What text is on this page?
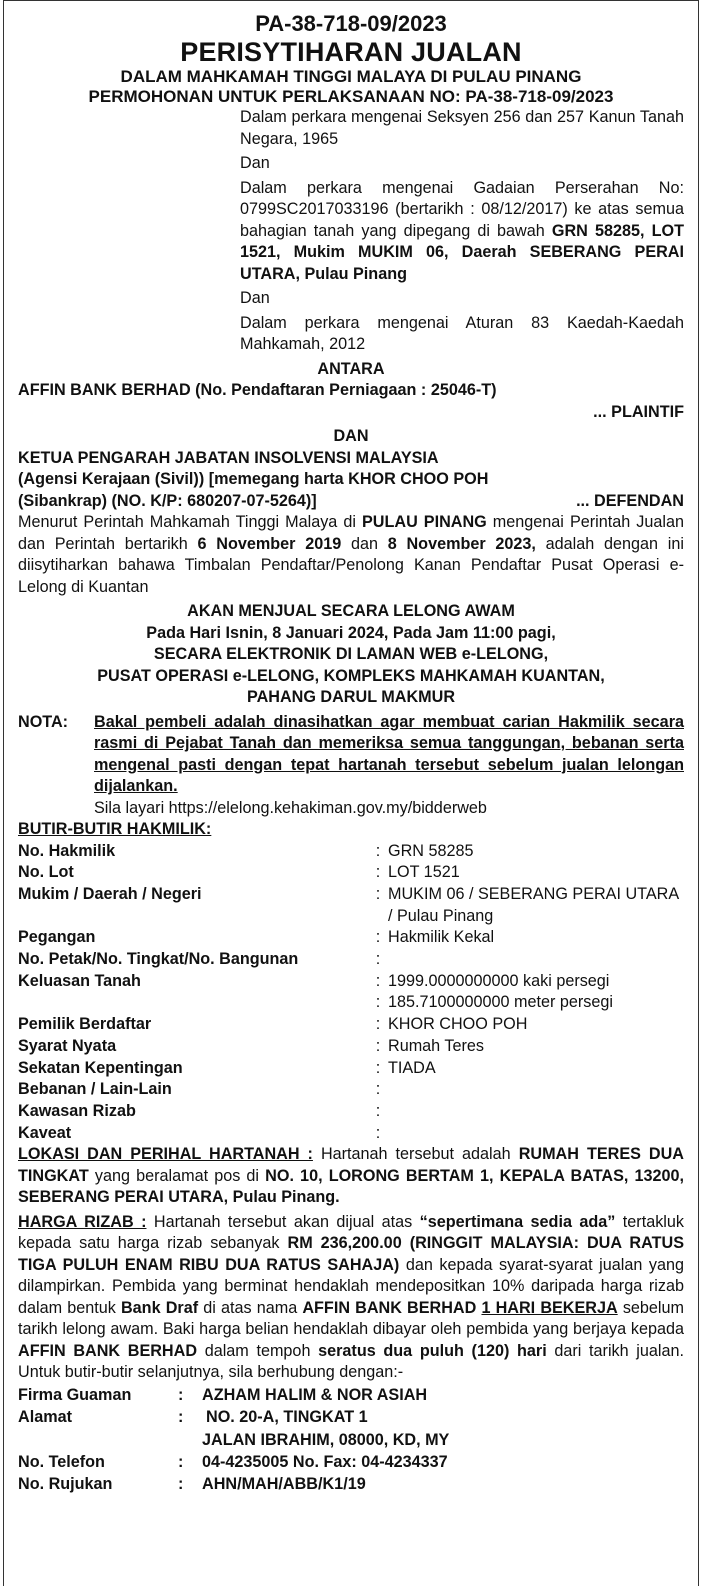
PA-38-718-09/2023
PERISYTIHARAN JUALAN
DALAM MAHKAMAH TINGGI MALAYA DI PULAU PINANG
PERMOHONAN UNTUK PERLAKSANAAN NO: PA-38-718-09/2023

Dalam perkara mengenai Seksyen 256 dan 257 Kanun Tanah Negara, 1965

Dan

Dalam perkara mengenai Gadaian Perserahan No: 0799SC2017033196 (bertarikh : 08/12/2017) ke atas semua bahagian tanah yang dipegang di bawah GRN 58285, LOT 1521, Mukim MUKIM 06, Daerah SEBERANG PERAI UTARA, Pulau Pinang

Dan

Dalam perkara mengenai Aturan 83 Kaedah-Kaedah Mahkamah, 2012

ANTARA
AFFIN BANK BERHAD (No. Pendaftaran Perniagaan : 25046-T)
... PLAINTIF
DAN
KETUA PENGARAH JABATAN INSOLVENSI MALAYSIA
(Agensi Kerajaan (Sivil)) [memegang harta KHOR CHOO POH
(Sibankrap) (NO. K/P: 680207-07-5264)]	... DEFENDAN
Menurut Perintah Mahkamah Tinggi Malaya di PULAU PINANG mengenai Perintah Jualan dan Perintah bertarikh 6 November 2019 dan 8 November 2023, adalah dengan ini diisytiharkan bahawa Timbalan Pendaftar/Penolong Kanan Pendaftar Pusat Operasi e-Lelong di Kuantan
AKAN MENJUAL SECARA LELONG AWAM
Pada Hari Isnin, 8 Januari 2024, Pada Jam 11:00 pagi,
SECARA ELEKTRONIK DI LAMAN WEB e-LELONG,
PUSAT OPERASI e-LELONG, KOMPLEKS MAHKAMAH KUANTAN,
PAHANG DARUL MAKMUR
NOTA:	Bakal pembeli adalah dinasihatkan agar membuat carian Hakmilik secara rasmi di Pejabat Tanah dan memeriksa semua tanggungan, bebanan serta mengenal pasti dengan tepat hartanah tersebut sebelum jualan lelongan dijalankan.
Sila layari https://elelong.kehakiman.gov.my/bidderweb
BUTIR-BUTIR HAKMILIK:
No. Hakmilik	:	GRN 58285
No. Lot	:	LOT 1521
Mukim / Daerah / Negeri	:	MUKIM 06 / SEBERANG PERAI UTARA / Pulau Pinang
Pegangan	:	Hakmilik Kekal
No. Petak/No. Tingkat/No. Bangunan	:	
Keluasan Tanah	:	1999.0000000000 kaki persegi
	:	185.7100000000 meter persegi
Pemilik Berdaftar	:	KHOR CHOO POH
Syarat Nyata	:	Rumah Teres
Sekatan Kepentingan	:	TIADA
Bebanan / Lain-Lain	:	
Kawasan Rizab	:	
Kaveat	:	
LOKASI DAN PERIHAL HARTANAH : Hartanah tersebut adalah RUMAH TERES DUA TINGKAT yang beralamat pos di NO. 10, LORONG BERTAM 1, KEPALA BATAS, 13200, SEBERANG PERAI UTARA, Pulau Pinang.
HARGA RIZAB : Hartanah tersebut akan dijual atas “sepertimana sedia ada” tertakluk kepada satu harga rizab sebanyak RM 236,200.00 (RINGGIT MALAYSIA: DUA RATUS TIGA PULUH ENAM RIBU DUA RATUS SAHAJA) dan kepada syarat-syarat jualan yang dilampirkan. Pembida yang berminat hendaklah mendepositkan 10% daripada harga rizab dalam bentuk Bank Draf di atas nama AFFIN BANK BERHAD 1 HARI BEKERJA sebelum tarikh lelong awam. Baki harga belian hendaklah dibayar oleh pembida yang berjaya kepada AFFIN BANK BERHAD dalam tempoh seratus dua puluh (120) hari dari tarikh jualan. Untuk butir-butir selanjutnya, sila berhubung dengan:-
Firma Guaman	:	AZHAM HALIM & NOR ASIAH
Alamat	:	NO. 20-A, TINGKAT 1
JALAN IBRAHIM, 08000, KD, MY

No. Telefon	:	04-4235005 No. Fax: 04-4234337
No. Rujukan	:	AHN/MAH/ABB/K1/19
